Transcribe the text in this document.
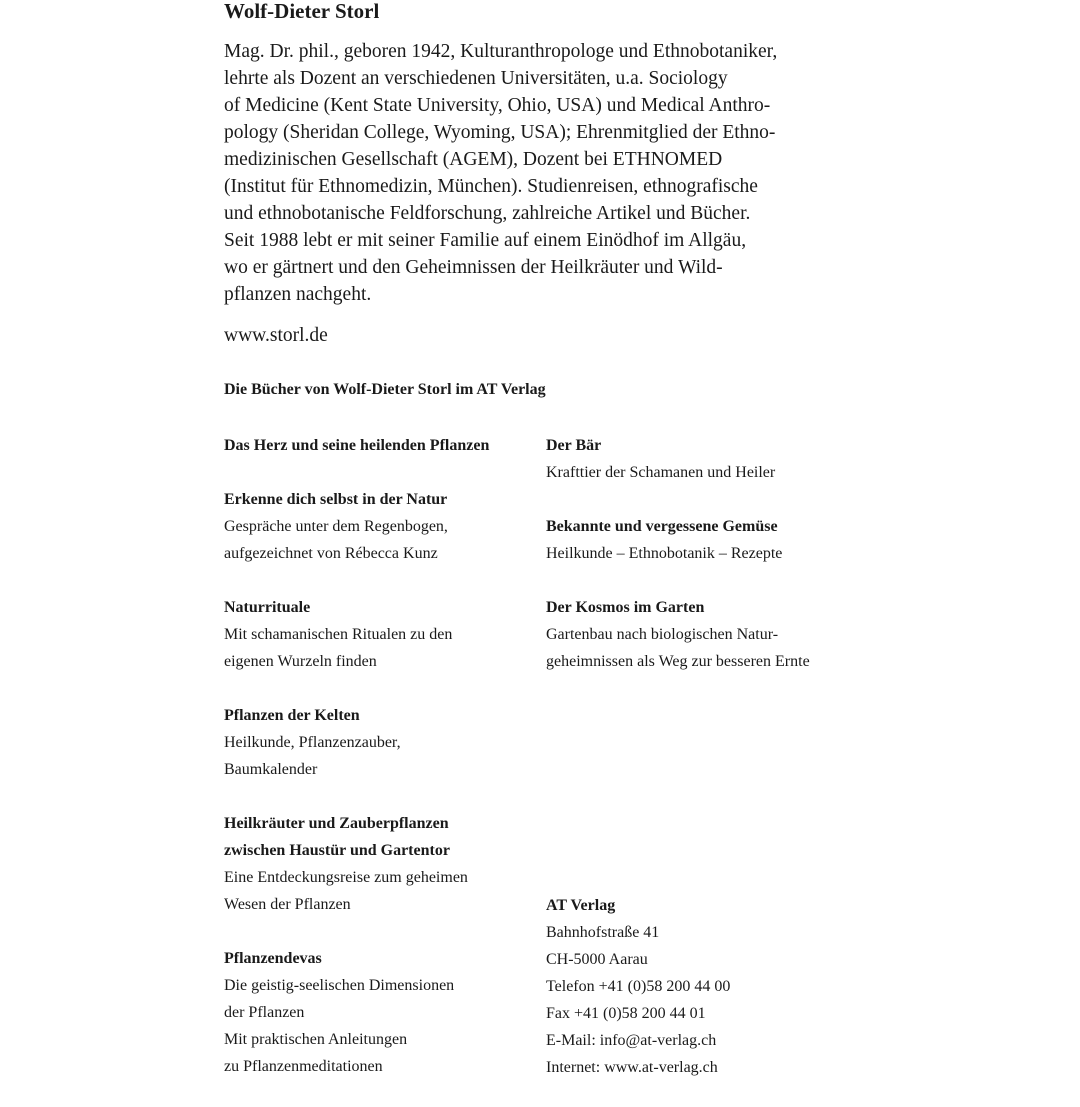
Wolf-Dieter Storl
Mag. Dr. phil., geboren 1942, Kulturanthropologe und Ethnobotaniker,
lehrte als Dozent an verschiedenen Universitäten, u.a. Sociology
of Medicine (Kent State University, Ohio, USA) und Medical Anthro-
pology (Sheridan College, Wyoming, USA); Ehrenmitglied der Ethno-
medizinischen Gesellschaft (AGEM), Dozent bei ETHNOMED
(Institut für Ethnomedizin, München). Studienreisen, ethnografische
und ethnobotanische Feldforschung, zahlreiche Artikel und Bücher.
Seit 1988 lebt er mit seiner Familie auf einem Einödhof im Allgäu,
wo er gärtnert und den Geheimnissen der Heilkräuter und Wild-
pflanzen nachgeht.
www.storl.de
Die Bücher von Wolf-Dieter Storl im AT Verlag
Das Herz und seine heilenden Pflanzen
Erkenne dich selbst in der Natur
Gespräche unter dem Regenbogen,
aufgezeichnet von Rébecca Kunz
Naturrituale
Mit schamanischen Ritualen zu den
eigenen Wurzeln finden
Pflanzen der Kelten
Heilkunde, Pflanzenzauber,
Baumkalender
Heilkräuter und Zauberpflanzen
zwischen Haustür und Gartentor
Eine Entdeckungsreise zum geheimen
Wesen der Pflanzen
Pflanzendevas
Die geistig-seelischen Dimensionen
der Pflanzen
Mit praktischen Anleitungen
zu Pflanzenmeditationen
Der Bär
Krafttier der Schamanen und Heiler
Bekannte und vergessene Gemüse
Heilkunde – Ethnobotanik – Rezepte
Der Kosmos im Garten
Gartenbau nach biologischen Natur-
geheimnissen als Weg zur besseren Ernte
AT Verlag
Bahnhofstraße 41
CH-5000 Aarau
Telefon +41 (0)58 200 44 00
Fax +41 (0)58 200 44 01
E-Mail: info@at-verlag.ch
Internet: www.at-verlag.ch
